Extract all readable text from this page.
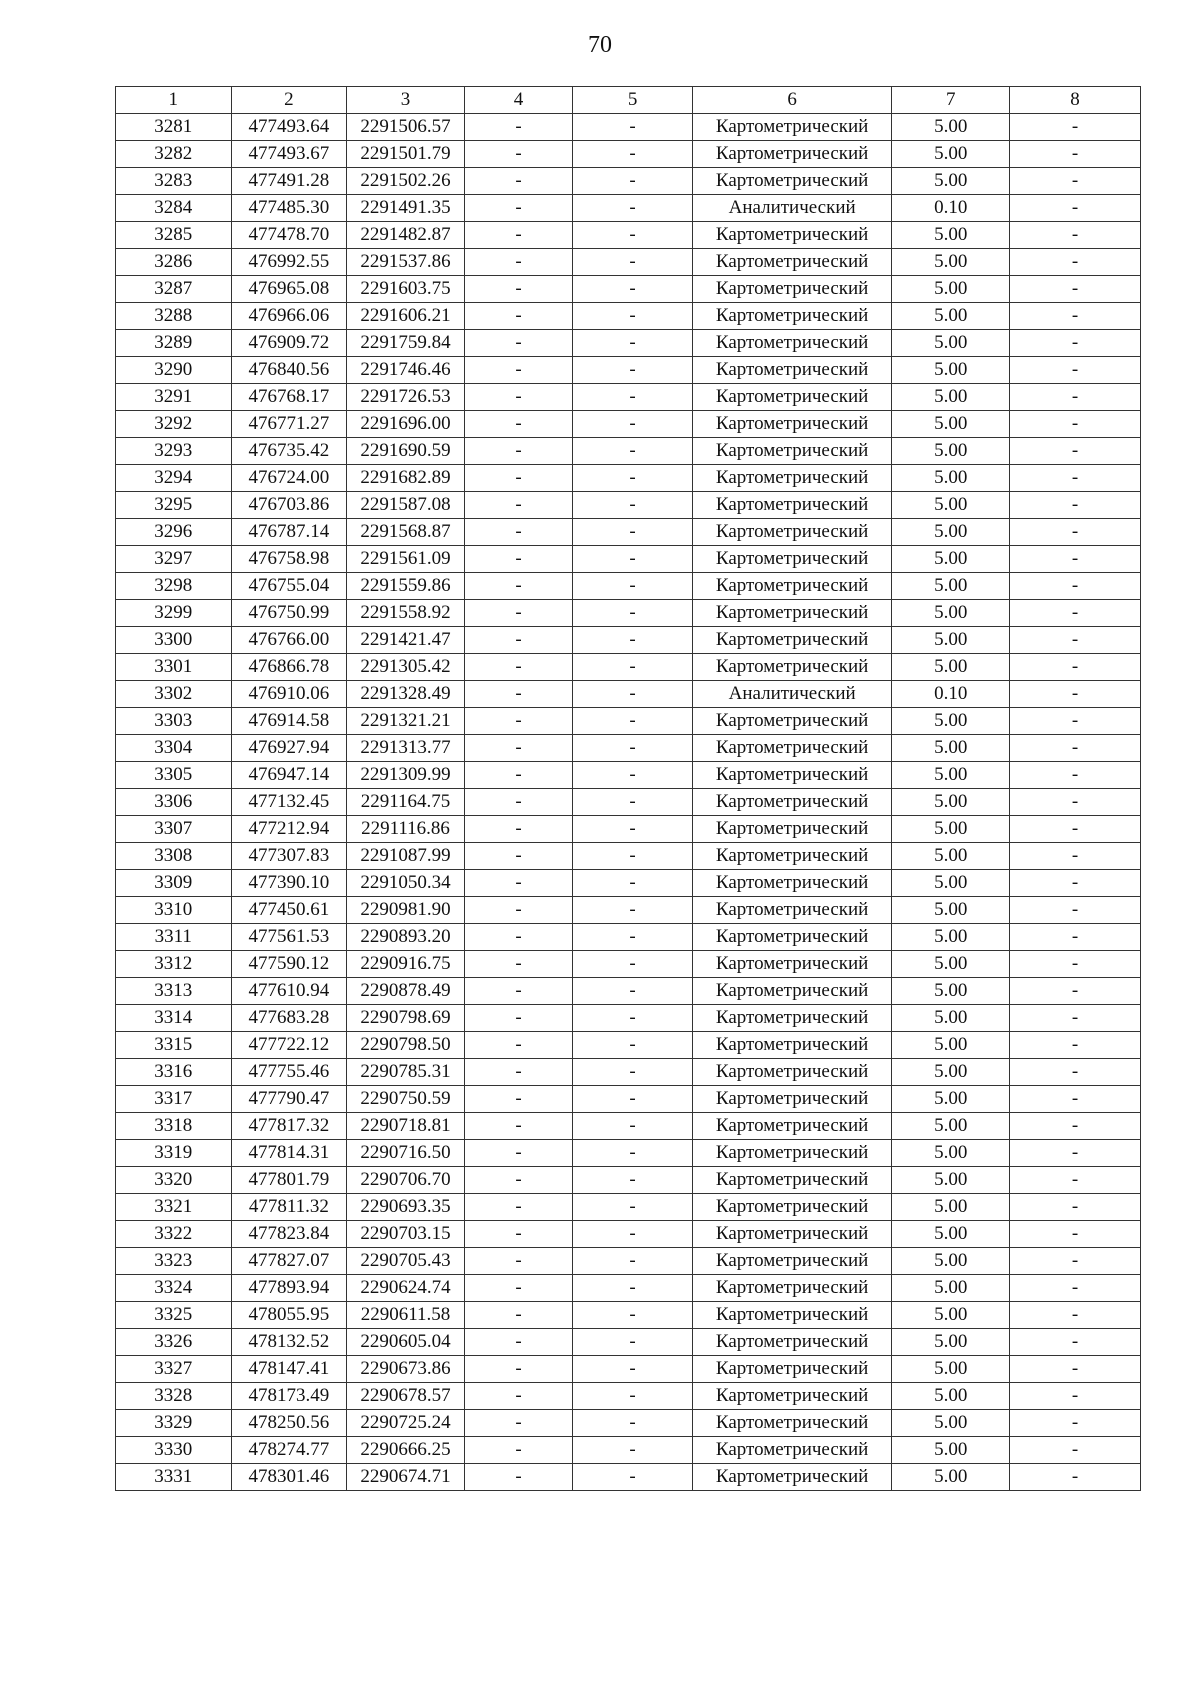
70
1	2	3	4	5	6	7	8
3281	477493.64	2291506.57	-	-	Картометрический	5.00	-
3282	477493.67	2291501.79	-	-	Картометрический	5.00	-
3283	477491.28	2291502.26	-	-	Картометрический	5.00	-
3284	477485.30	2291491.35	-	-	Аналитический	0.10	-
3285	477478.70	2291482.87	-	-	Картометрический	5.00	-
3286	476992.55	2291537.86	-	-	Картометрический	5.00	-
3287	476965.08	2291603.75	-	-	Картометрический	5.00	-
3288	476966.06	2291606.21	-	-	Картометрический	5.00	-
3289	476909.72	2291759.84	-	-	Картометрический	5.00	-
3290	476840.56	2291746.46	-	-	Картометрический	5.00	-
3291	476768.17	2291726.53	-	-	Картометрический	5.00	-
3292	476771.27	2291696.00	-	-	Картометрический	5.00	-
3293	476735.42	2291690.59	-	-	Картометрический	5.00	-
3294	476724.00	2291682.89	-	-	Картометрический	5.00	-
3295	476703.86	2291587.08	-	-	Картометрический	5.00	-
3296	476787.14	2291568.87	-	-	Картометрический	5.00	-
3297	476758.98	2291561.09	-	-	Картометрический	5.00	-
3298	476755.04	2291559.86	-	-	Картометрический	5.00	-
3299	476750.99	2291558.92	-	-	Картометрический	5.00	-
3300	476766.00	2291421.47	-	-	Картометрический	5.00	-
3301	476866.78	2291305.42	-	-	Картометрический	5.00	-
3302	476910.06	2291328.49	-	-	Аналитический	0.10	-
3303	476914.58	2291321.21	-	-	Картометрический	5.00	-
3304	476927.94	2291313.77	-	-	Картометрический	5.00	-
3305	476947.14	2291309.99	-	-	Картометрический	5.00	-
3306	477132.45	2291164.75	-	-	Картометрический	5.00	-
3307	477212.94	2291116.86	-	-	Картометрический	5.00	-
3308	477307.83	2291087.99	-	-	Картометрический	5.00	-
3309	477390.10	2291050.34	-	-	Картометрический	5.00	-
3310	477450.61	2290981.90	-	-	Картометрический	5.00	-
3311	477561.53	2290893.20	-	-	Картометрический	5.00	-
3312	477590.12	2290916.75	-	-	Картометрический	5.00	-
3313	477610.94	2290878.49	-	-	Картометрический	5.00	-
3314	477683.28	2290798.69	-	-	Картометрический	5.00	-
3315	477722.12	2290798.50	-	-	Картометрический	5.00	-
3316	477755.46	2290785.31	-	-	Картометрический	5.00	-
3317	477790.47	2290750.59	-	-	Картометрический	5.00	-
3318	477817.32	2290718.81	-	-	Картометрический	5.00	-
3319	477814.31	2290716.50	-	-	Картометрический	5.00	-
3320	477801.79	2290706.70	-	-	Картометрический	5.00	-
3321	477811.32	2290693.35	-	-	Картометрический	5.00	-
3322	477823.84	2290703.15	-	-	Картометрический	5.00	-
3323	477827.07	2290705.43	-	-	Картометрический	5.00	-
3324	477893.94	2290624.74	-	-	Картометрический	5.00	-
3325	478055.95	2290611.58	-	-	Картометрический	5.00	-
3326	478132.52	2290605.04	-	-	Картометрический	5.00	-
3327	478147.41	2290673.86	-	-	Картометрический	5.00	-
3328	478173.49	2290678.57	-	-	Картометрический	5.00	-
3329	478250.56	2290725.24	-	-	Картометрический	5.00	-
3330	478274.77	2290666.25	-	-	Картометрический	5.00	-
3331	478301.46	2290674.71	-	-	Картометрический	5.00	-
